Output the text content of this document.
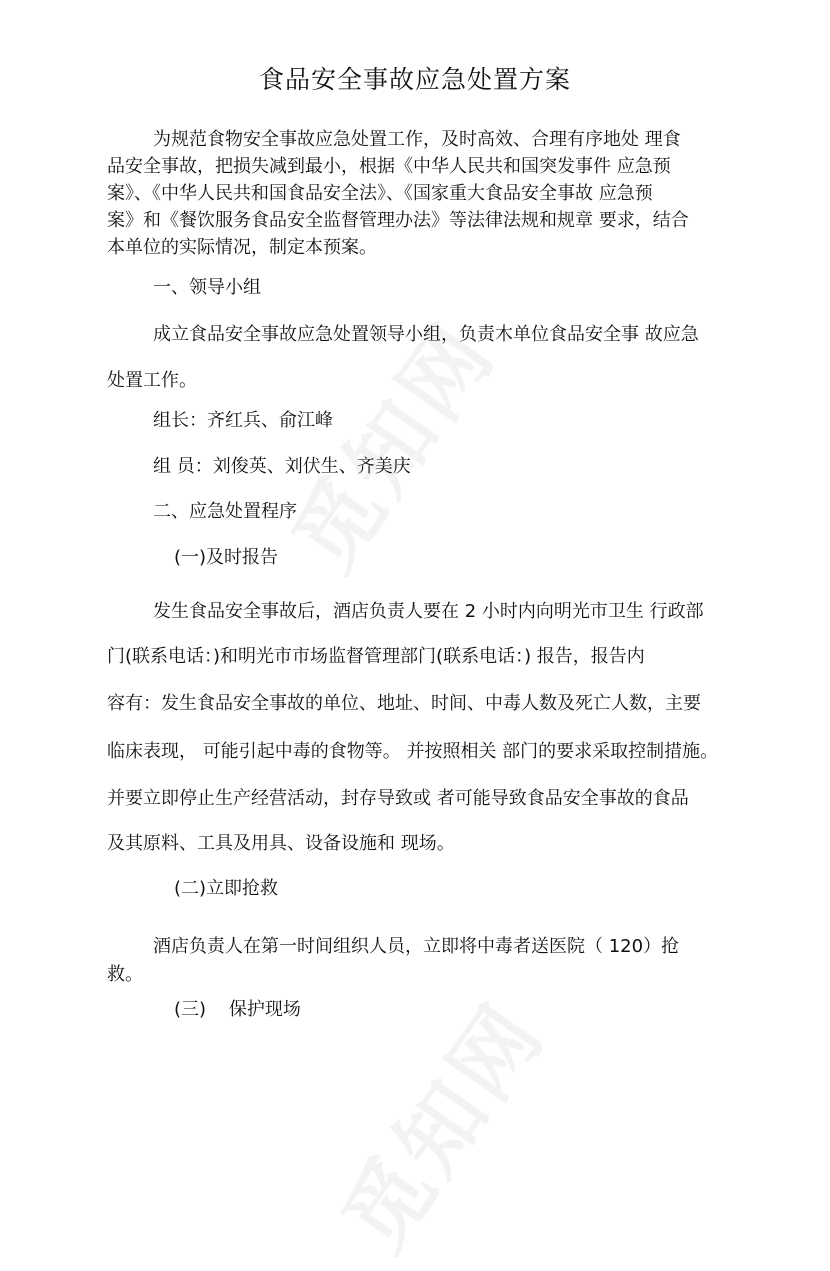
食品安全事故应急处置方案
为规范食物安全事故应急处置工作，及时高效、合理有序地处 理食
品安全事故，把损失减到最小，根据《中华人民共和国突发事件 应急预
案》、《中华人民共和国食品安全法》、《国家重大食品安全事故 应急预
案》和《餐饮服务食品安全监督管理办法》等法律法规和规章 要求，结合
本单位的实际情况，制定本预案。
一、领导小组
成立食品安全事故应急处置领导小组，负责木单位食品安全事 故应急
处置工作。
组长：齐红兵、俞江峰
组 员：刘俊英、刘伏生、齐美庆
二、应急处置程序
(一)及时报告
发生食品安全事故后，酒店负责人要在 2 小时内向明光市卫生 行政部
门(联系电话：)和明光市市场监督管理部门(联系电话：) 报告，报告内
容有：发生食品安全事故的单位、地址、时间、中毒人数及死亡人数，主要
临床表现， 可能引起中毒的食物等。 并按照相关 部门的要求采取控制措施。
并要立即停止生产经营活动，封存导致或 者可能导致食品安全事故的食品
及其原料、工具及用具、设备设施和 现场。
(二)立即抢救
酒店负责人在第一时间组织人员，立即将中毒者送医院（ 120）抢
救。
(三)    保护现场
